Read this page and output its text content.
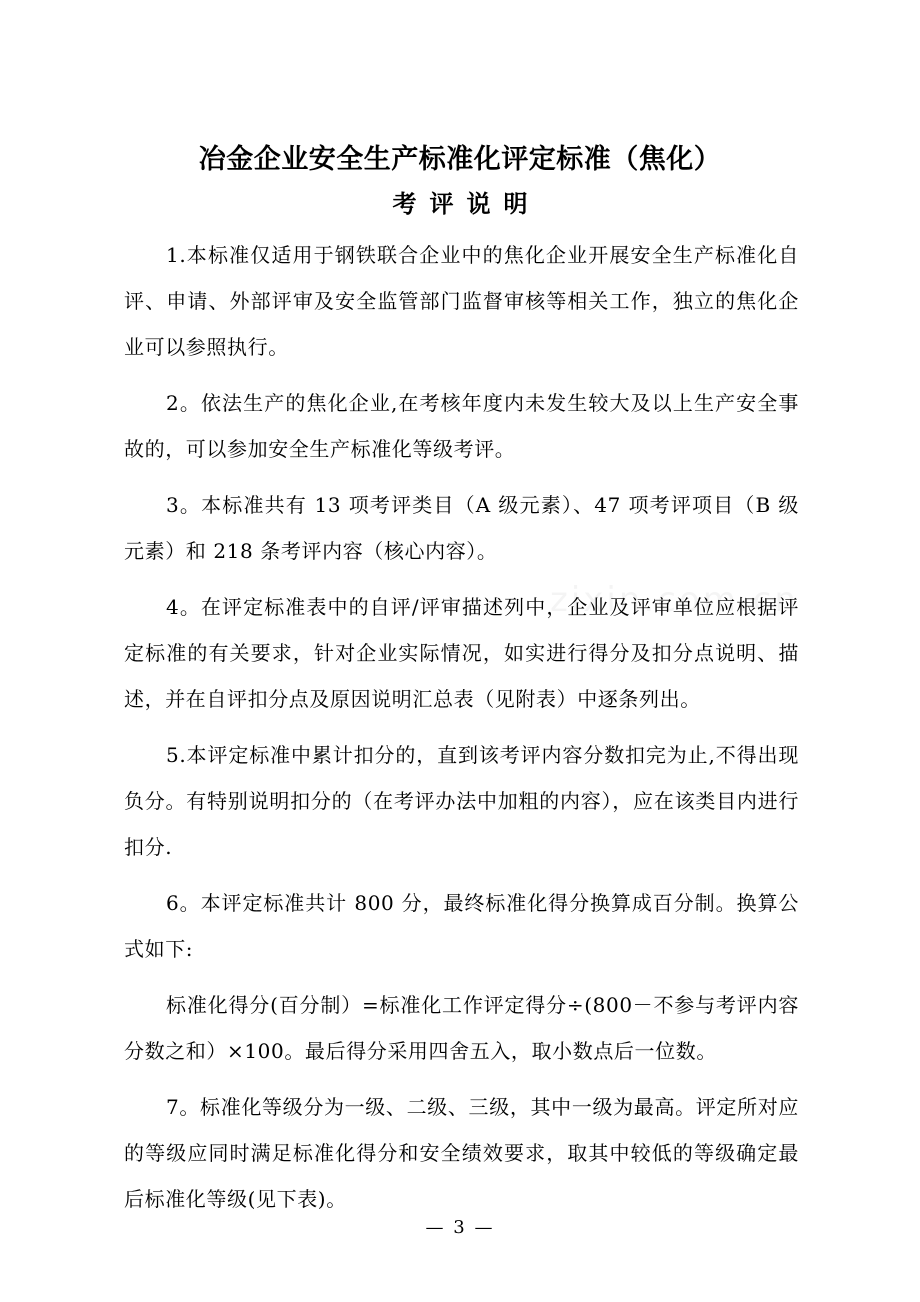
冶金企业安全生产标准化评定标准（焦化）
考评说明

1.本标准仅适用于钢铁联合企业中的焦化企业开展安全生产标准化自评、申请、外部评审及安全监管部门监督审核等相关工作，独立的焦化企业可以参照执行。

2。依法生产的焦化企业,在考核年度内未发生较大及以上生产安全事故的，可以参加安全生产标准化等级考评。

3。本标准共有 13 项考评类目（A 级元素）、47 项考评项目（B 级元素）和 218 条考评内容（核心内容）。

4。在评定标准表中的自评/评审描述列中，企业及评审单位应根据评定标准的有关要求，针对企业实际情况，如实进行得分及扣分点说明、描述，并在自评扣分点及原因说明汇总表（见附表）中逐条列出。

5.本评定标准中累计扣分的，直到该考评内容分数扣完为止,不得出现负分。有特别说明扣分的（在考评办法中加粗的内容），应在该类目内进行扣分.

6。本评定标准共计 800 分，最终标准化得分换算成百分制。换算公式如下:

标准化得分(百分制）=标准化工作评定得分÷(800－不参与考评内容分数之和）×100。最后得分采用四舍五入，取小数点后一位数。

7。标准化等级分为一级、二级、三级，其中一级为最高。评定所对应的等级应同时满足标准化得分和安全绩效要求，取其中较低的等级确定最后标准化等级(见下表)。

— 3 —
